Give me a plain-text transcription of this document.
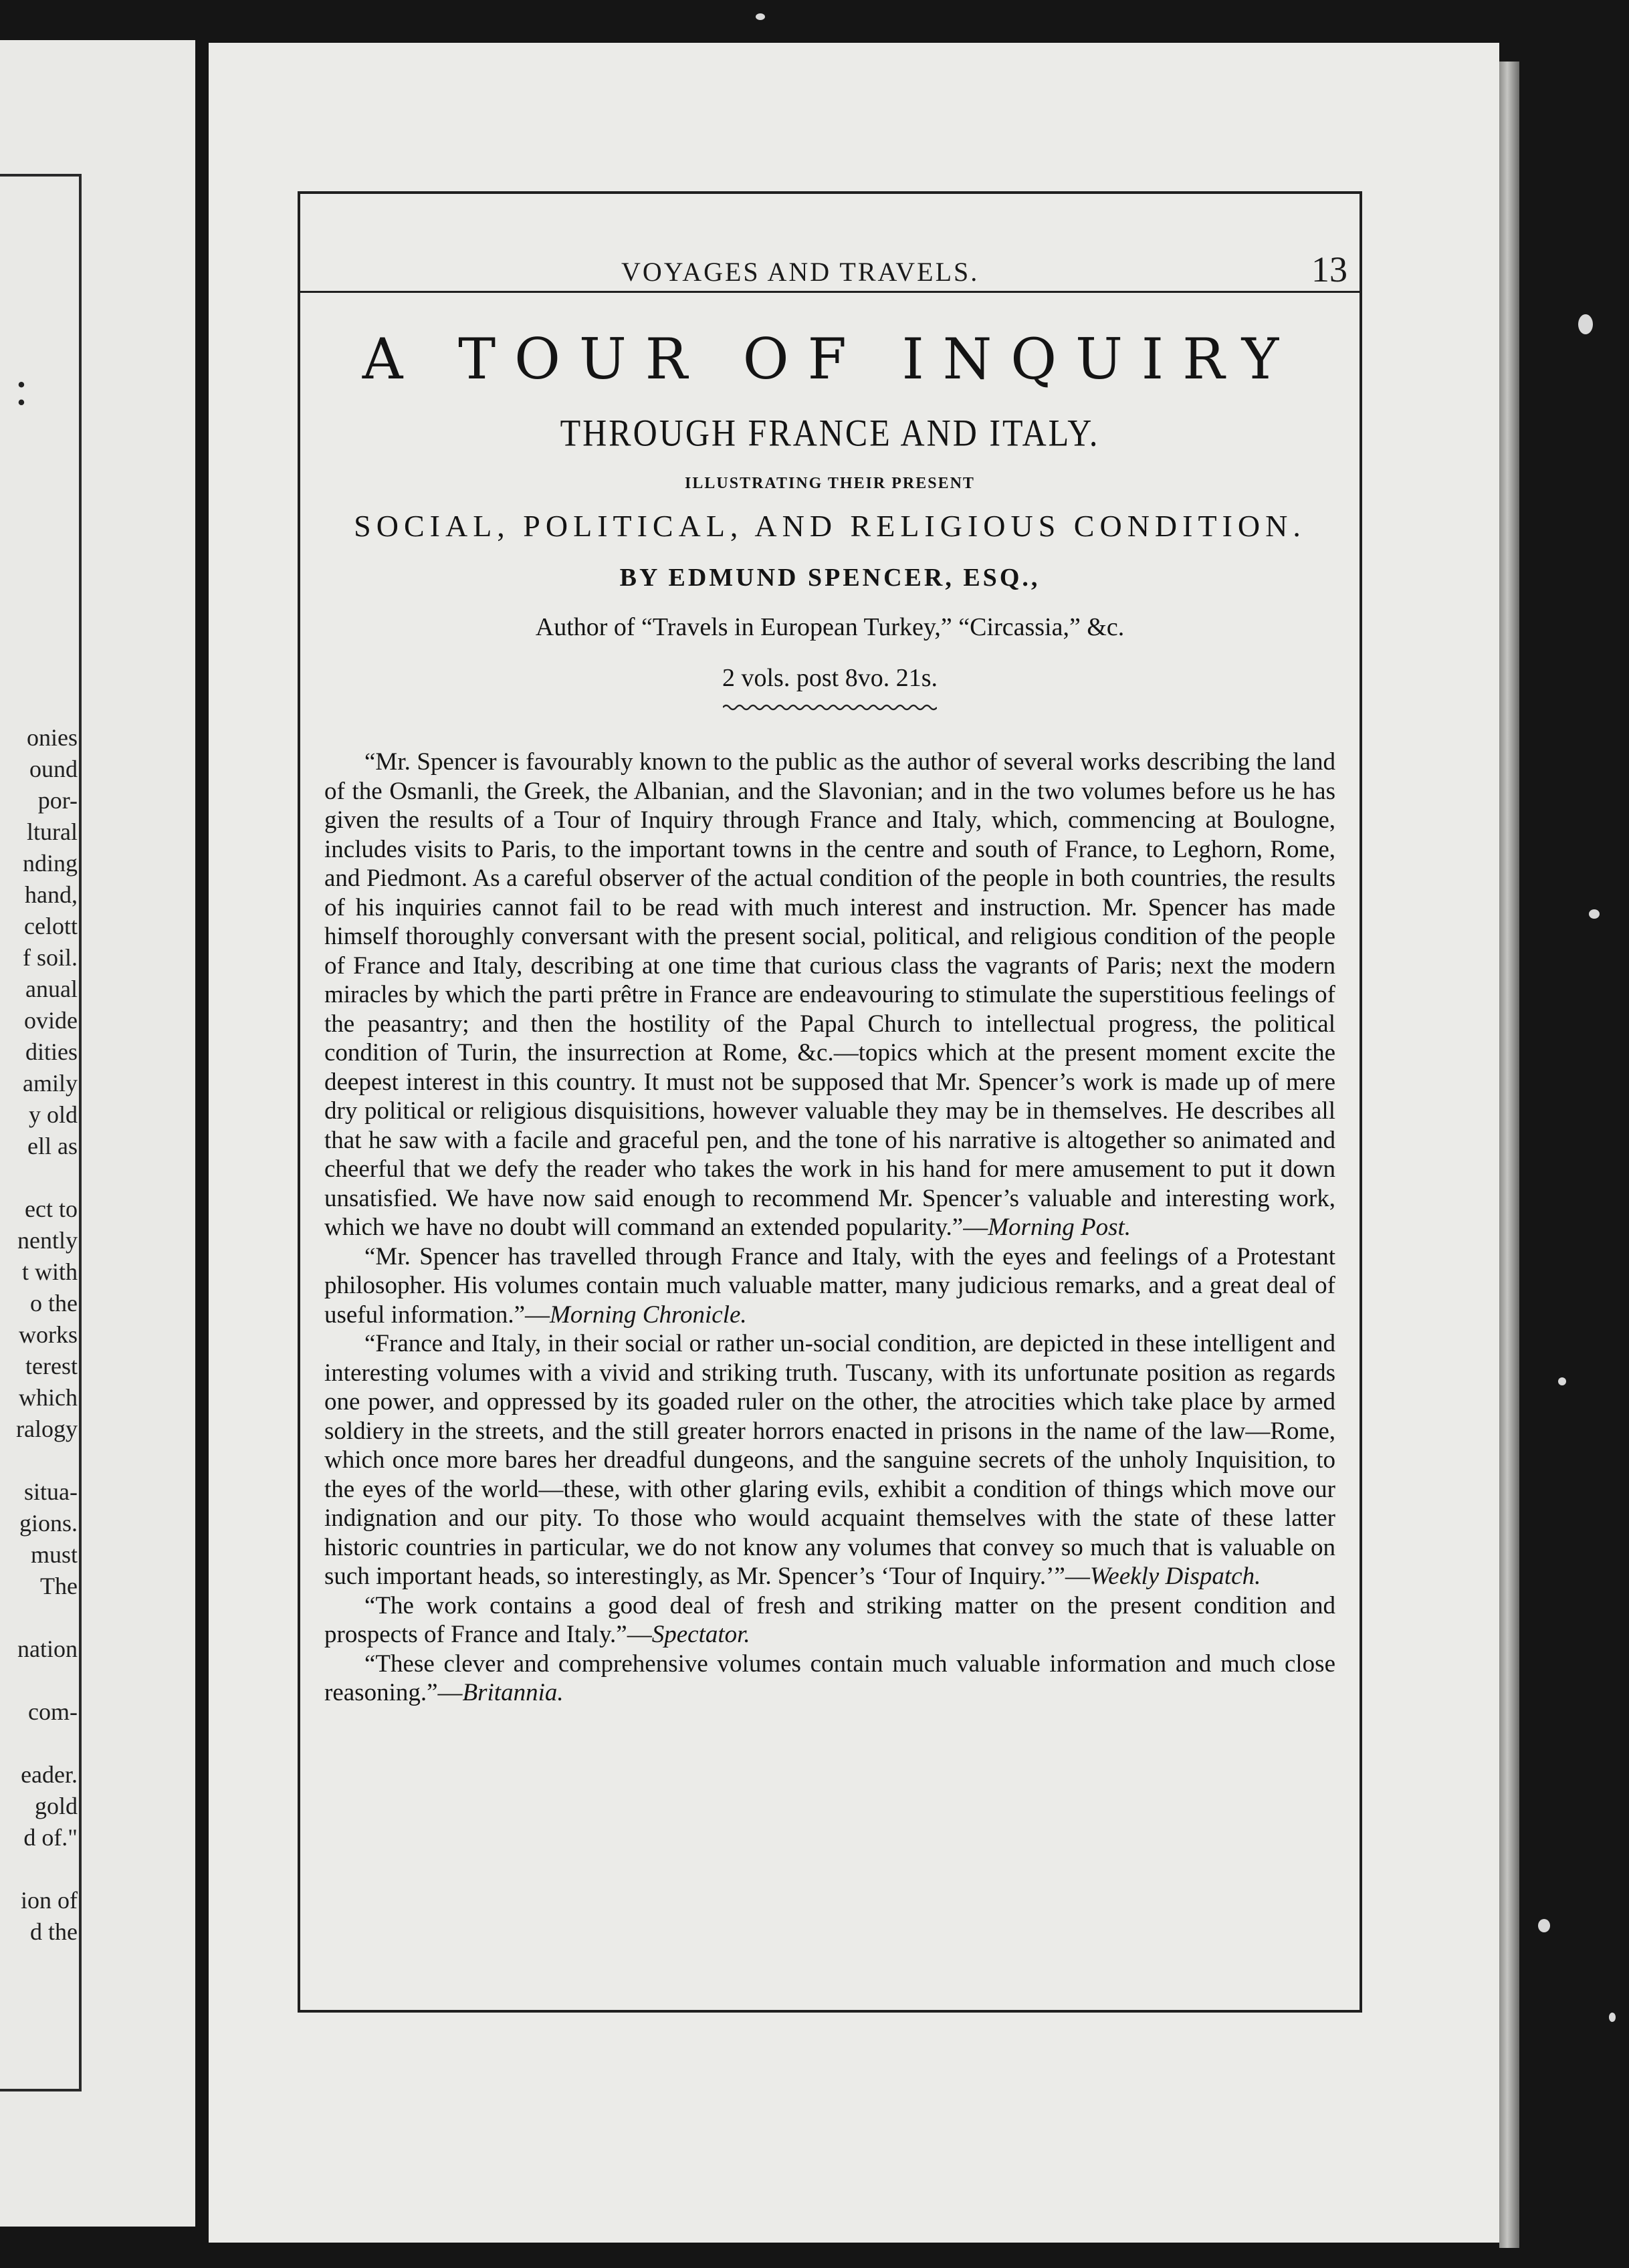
:
onies
ound
por-
ltural
nding
hand,
celott
f soil.
anual
ovide
dities
amily
y old
ell as

ect to
nently
t with
o the
works
terest
which
ralogy

situa-
gions.
must
The

nation

com-

eader.
gold
d of."

ion of
d the
VOYAGES AND TRAVELS.	13
A TOUR OF INQUIRY
THROUGH FRANCE AND ITALY.
ILLUSTRATING THEIR PRESENT
SOCIAL, POLITICAL, AND RELIGIOUS CONDITION.
BY EDMUND SPENCER, ESQ.,
Author of “Travels in European Turkey,” “Circassia,” &c.
2 vols. post 8vo. 21s.

“Mr. Spencer is favourably known to the public as the author of several works describing the land of the Osmanli, the Greek, the Albanian, and the Slavonian; and in the two volumes before us he has given the results of a Tour of Inquiry through France and Italy, which, commencing at Boulogne, includes visits to Paris, to the important towns in the centre and south of France, to Leghorn, Rome, and Piedmont. As a careful observer of the actual condition of the people in both countries, the results of his inquiries cannot fail to be read with much interest and instruction. Mr. Spencer has made himself thoroughly conversant with the present social, political, and religious condition of the people of France and Italy, describing at one time that curious class the vagrants of Paris; next the modern miracles by which the parti prêtre in France are endeavouring to stimulate the superstitious feelings of the peasantry; and then the hostility of the Papal Church to intellectual progress, the political condition of Turin, the insurrection at Rome, &c.—topics which at the present moment excite the deepest interest in this country. It must not be supposed that Mr. Spencer’s work is made up of mere dry political or religious disquisitions, however valuable they may be in themselves. He describes all that he saw with a facile and graceful pen, and the tone of his narrative is altogether so animated and cheerful that we defy the reader who takes the work in his hand for mere amusement to put it down unsatisfied. We have now said enough to recommend Mr. Spencer’s valuable and interesting work, which we have no doubt will command an extended popularity.”—Morning Post.

“Mr. Spencer has travelled through France and Italy, with the eyes and feelings of a Protestant philosopher. His volumes contain much valuable matter, many judicious remarks, and a great deal of useful information.”—Morning Chronicle.

“France and Italy, in their social or rather un-social condition, are depicted in these intelligent and interesting volumes with a vivid and striking truth. Tuscany, with its unfortunate position as regards one power, and oppressed by its goaded ruler on the other, the atrocities which take place by armed soldiery in the streets, and the still greater horrors enacted in prisons in the name of the law—Rome, which once more bares her dreadful dungeons, and the sanguine secrets of the unholy Inquisition, to the eyes of the world—these, with other glaring evils, exhibit a condition of things which move our indignation and our pity. To those who would acquaint themselves with the state of these latter historic countries in particular, we do not know any volumes that convey so much that is valuable on such important heads, so interestingly, as Mr. Spencer’s ‘Tour of Inquiry.’”—Weekly Dispatch.

“The work contains a good deal of fresh and striking matter on the present condition and prospects of France and Italy.”—Spectator.

“These clever and comprehensive volumes contain much valuable information and much close reasoning.”—Britannia.
